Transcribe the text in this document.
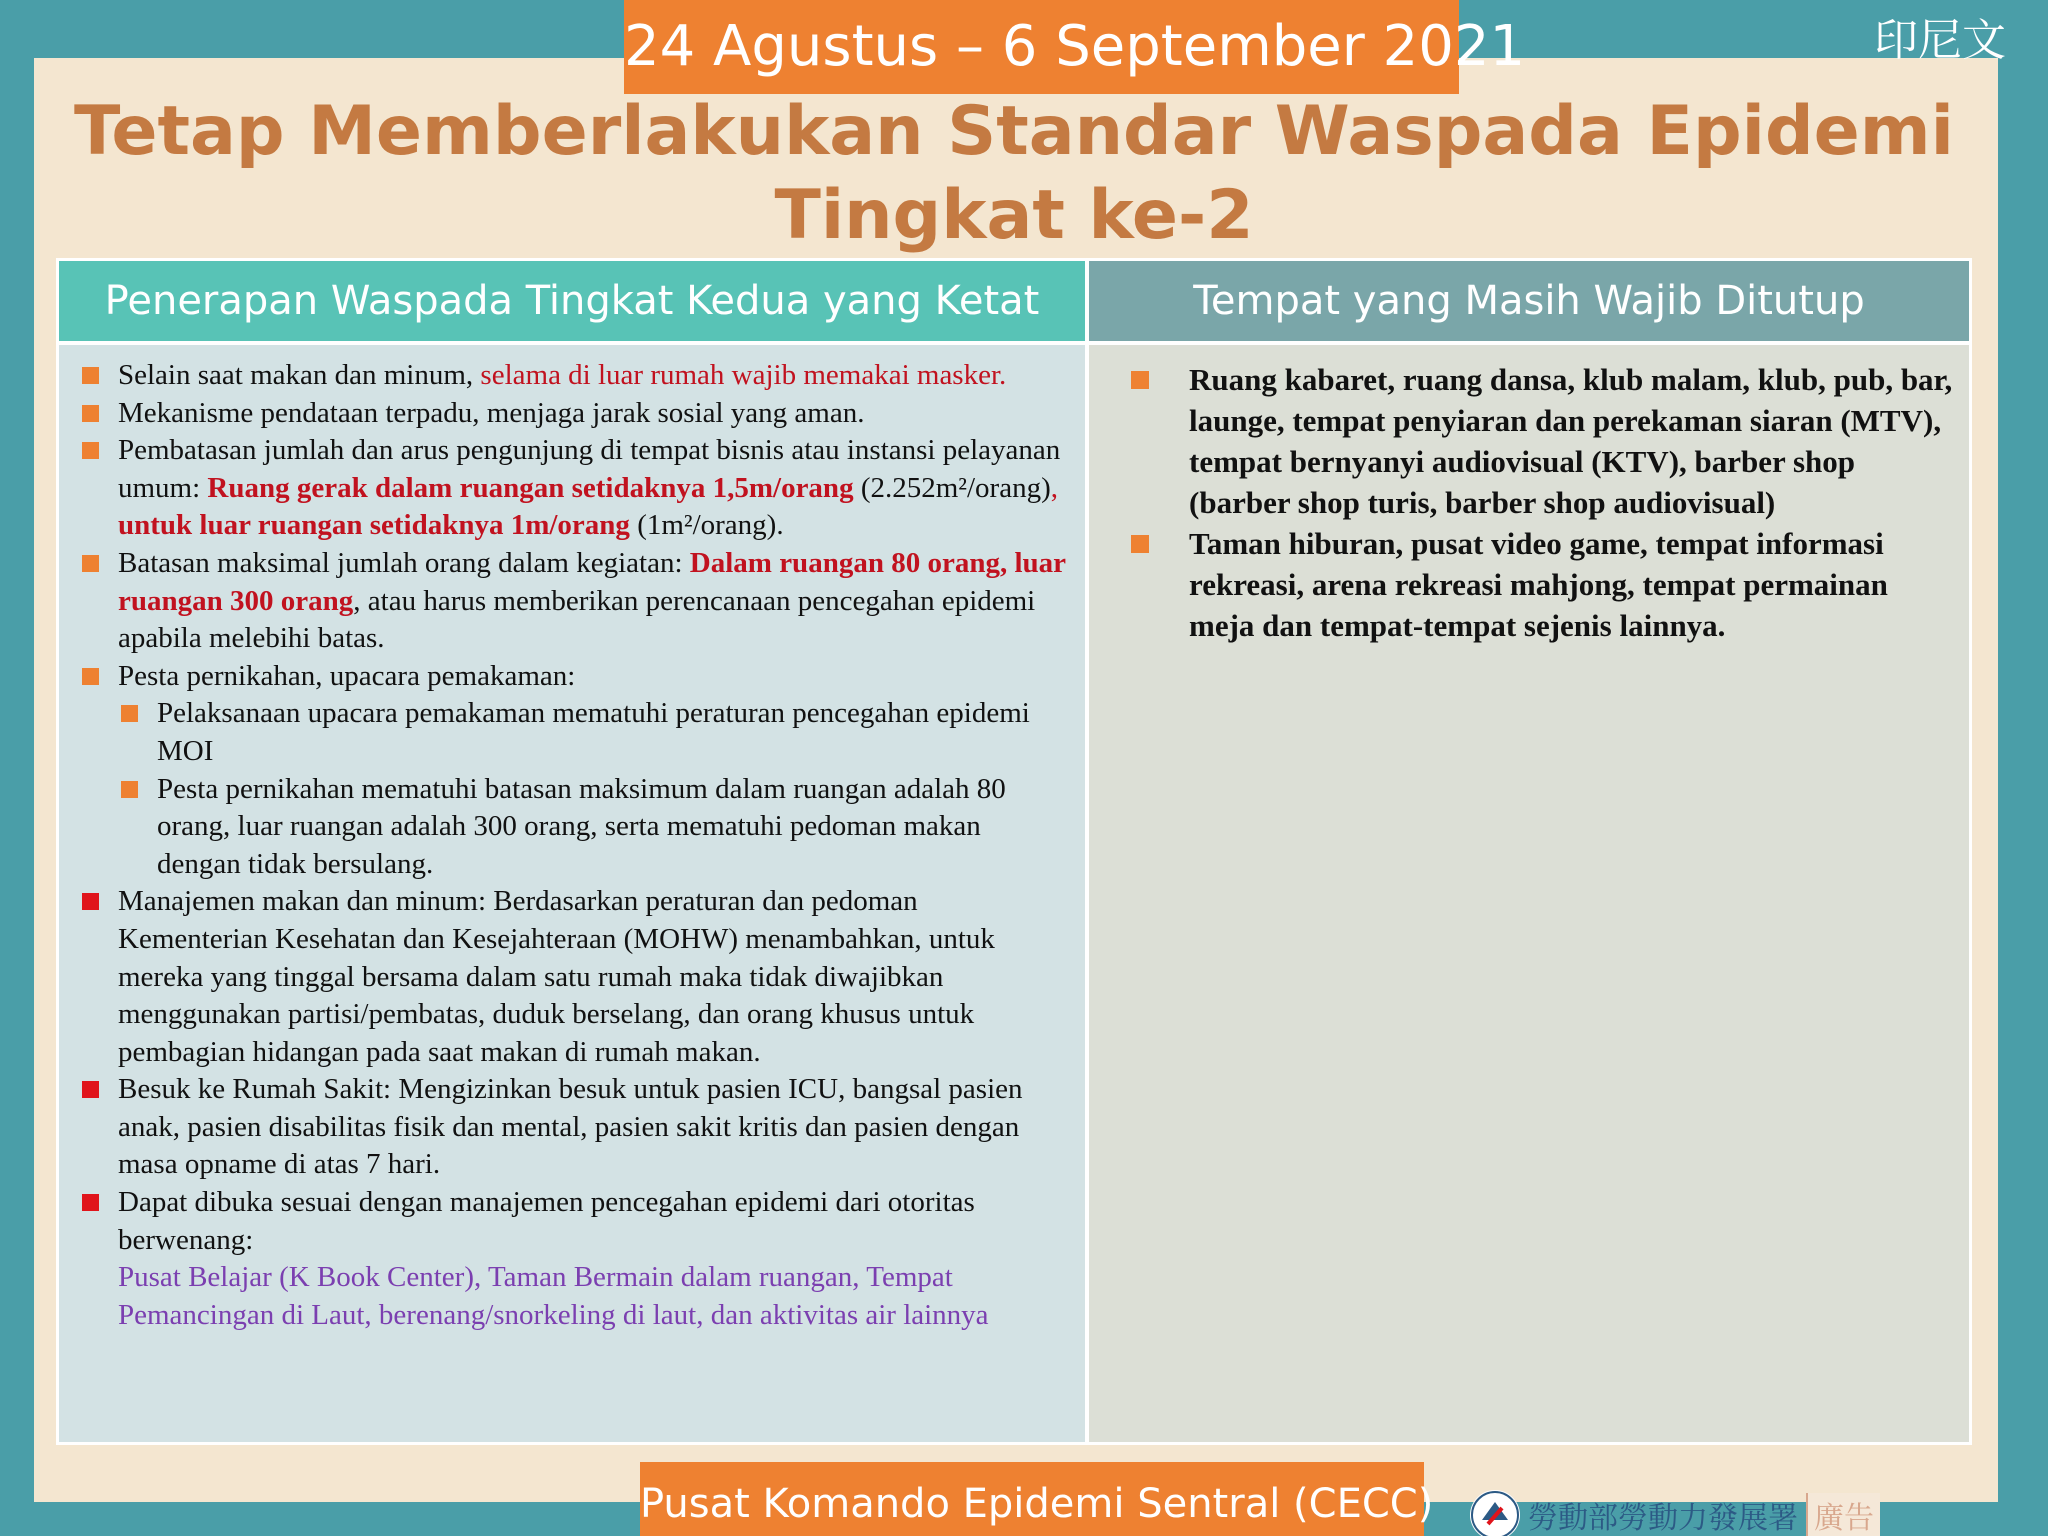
24 Agustus – 6 September 2021	印尼文
Tetap Memberlakukan Standar Waspada Epidemi
Tingkat ke-2
Penerapan Waspada Tingkat Kedua yang Ketat	Tempat yang Masih Wajib Ditutup
Selain saat makan dan minum, selama di luar rumah wajib memakai masker.
Mekanisme pendataan terpadu, menjaga jarak sosial yang aman.
Pembatasan jumlah dan arus pengunjung di tempat bisnis atau instansi pelayanan umum: Ruang gerak dalam ruangan setidaknya 1,5m/orang (2.252m²/orang), untuk luar ruangan setidaknya 1m/orang (1m²/orang).
Batasan maksimal jumlah orang dalam kegiatan: Dalam ruangan 80 orang, luar ruangan 300 orang, atau harus memberikan perencanaan pencegahan epidemi apabila melebihi batas.
Pesta pernikahan, upacara pemakaman:
Pelaksanaan upacara pemakaman mematuhi peraturan pencegahan epidemi MOI
Pesta pernikahan mematuhi batasan maksimum dalam ruangan adalah 80 orang, luar ruangan adalah 300 orang, serta mematuhi pedoman makan dengan tidak bersulang.
Manajemen makan dan minum: Berdasarkan peraturan dan pedoman Kementerian Kesehatan dan Kesejahteraan (MOHW) menambahkan, untuk mereka yang tinggal bersama dalam satu rumah maka tidak diwajibkan menggunakan partisi/pembatas, duduk berselang, dan orang khusus untuk pembagian hidangan pada saat makan di rumah makan.
Besuk ke Rumah Sakit: Mengizinkan besuk untuk pasien ICU, bangsal pasien anak, pasien disabilitas fisik dan mental, pasien sakit kritis dan pasien dengan masa opname di atas 7 hari.
Dapat dibuka sesuai dengan manajemen pencegahan epidemi dari otoritas berwenang:
Pusat Belajar (K Book Center), Taman Bermain dalam ruangan, Tempat Pemancingan di Laut, berenang/snorkeling di laut, dan aktivitas air lainnya
Ruang kabaret, ruang dansa, klub malam, klub, pub, bar, launge, tempat penyiaran dan perekaman siaran (MTV), tempat bernyanyi audiovisual (KTV), barber shop (barber shop turis, barber shop audiovisual)
Taman hiburan, pusat video game, tempat informasi rekreasi, arena rekreasi mahjong, tempat permainan meja dan tempat-tempat sejenis lainnya.
Pusat Komando Epidemi Sentral (CECC)	勞動部勞動力發展署 廣告
